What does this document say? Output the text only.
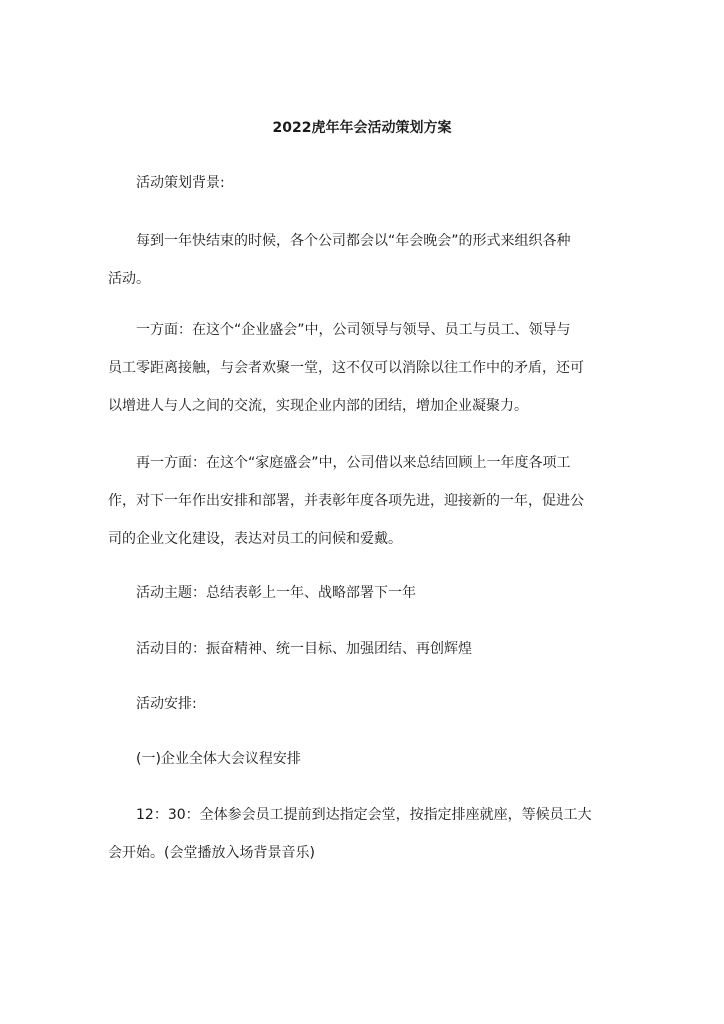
2022虎年年会活动策划方案

活动策划背景:

每到一年快结束的时候，各个公司都会以“年会晚会”的形式来组织各种
活动。

一方面：在这个“企业盛会”中，公司领导与领导、员工与员工、领导与
员工零距离接触，与会者欢聚一堂，这不仅可以消除以往工作中的矛盾，还可
以增进人与人之间的交流，实现企业内部的团结，增加企业凝聚力。

再一方面：在这个“家庭盛会”中，公司借以来总结回顾上一年度各项工
作，对下一年作出安排和部署，并表彰年度各项先进，迎接新的一年，促进公
司的企业文化建设，表达对员工的问候和爱戴。

活动主题：总结表彰上一年、战略部署下一年

活动目的：振奋精神、统一目标、加强团结、再创辉煌

活动安排:

(一)企业全体大会议程安排

12：30：全体参会员工提前到达指定会堂，按指定排座就座，等候员工大
会开始。(会堂播放入场背景音乐)
